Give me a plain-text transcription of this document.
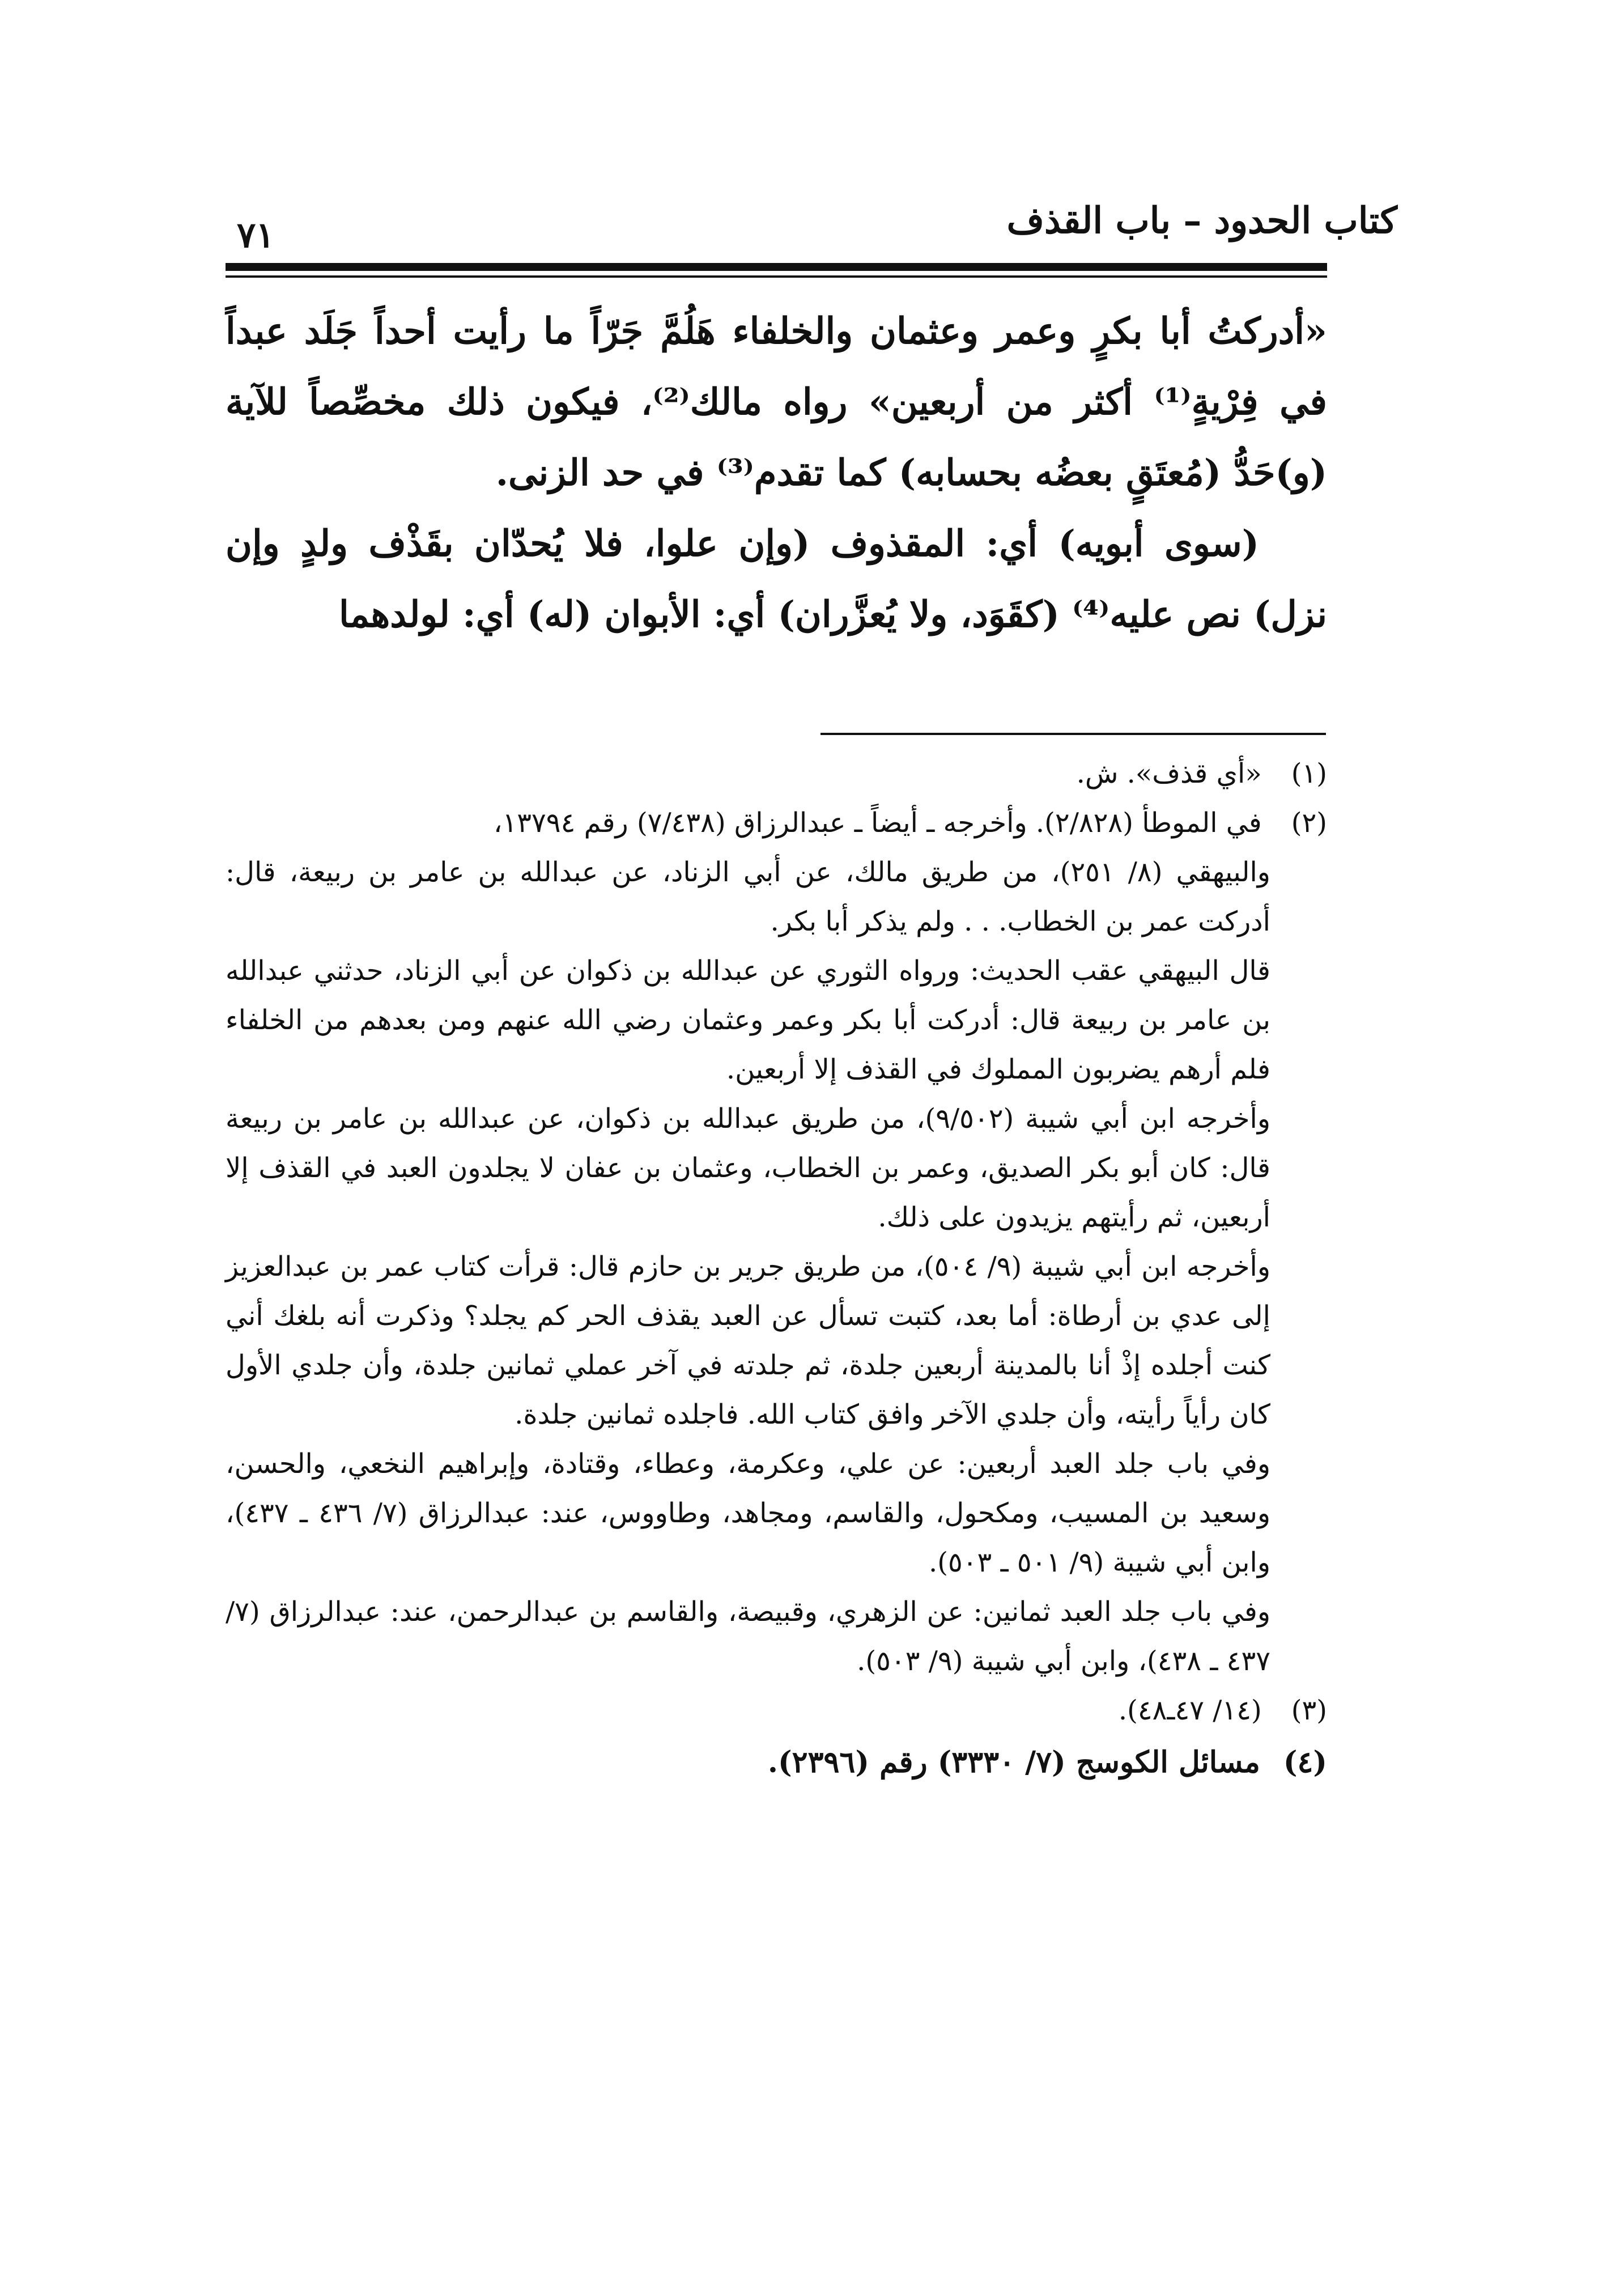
كتاب الحدود – باب القذف
٧١

«أدركتُ أبا بكرٍ وعمر وعثمان والخلفاء هَلُمَّ جَرّاً ما رأيت أحداً جَلَد عبداً في فِرْيةٍ⁽¹⁾ أكثر من أربعين» رواه مالك⁽²⁾، فيكون ذلك مخصِّصاً للآية (و)حَدُّ (مُعتَقٍ بعضُه بحسابه) كما تقدم⁽³⁾ في حد الزنى.

(سوى أبويه) أي: المقذوف (وإن علوا، فلا يُحدّان بقَذْف ولدٍ وإن نزل) نص عليه⁽⁴⁾ (كقَوَد، ولا يُعزَّران) أي: الأبوان (له) أي: لولدهما

(١) «أي قذف». ش.

(٢) في الموطأ (٢/٨٢٨). وأخرجه ـ أيضاً ـ عبدالرزاق (٧/٤٣٨) رقم ١٣٧٩٤،

والبيهقي (٨/ ٢٥١)، من طريق مالك، عن أبي الزناد، عن عبدالله بن عامر بن ربيعة، قال: أدركت عمر بن الخطاب. . . ولم يذكر أبا بكر.

قال البيهقي عقب الحديث: ورواه الثوري عن عبدالله بن ذكوان عن أبي الزناد، حدثني عبدالله بن عامر بن ربيعة قال: أدركت أبا بكر وعمر وعثمان رضي الله عنهم ومن بعدهم من الخلفاء فلم أرهم يضربون المملوك في القذف إلا أربعين.

وأخرجه ابن أبي شيبة (٩/٥٠٢)، من طريق عبدالله بن ذكوان، عن عبدالله بن عامر بن ربيعة قال: كان أبو بكر الصديق، وعمر بن الخطاب، وعثمان بن عفان لا يجلدون العبد في القذف إلا أربعين، ثم رأيتهم يزيدون على ذلك.

وأخرجه ابن أبي شيبة (٩/ ٥٠٤)، من طريق جرير بن حازم قال: قرأت كتاب عمر بن عبدالعزيز إلى عدي بن أرطاة: أما بعد، كتبت تسأل عن العبد يقذف الحر كم يجلد؟ وذكرت أنه بلغك أني كنت أجلده إذْ أنا بالمدينة أربعين جلدة، ثم جلدته في آخر عملي ثمانين جلدة، وأن جلدي الأول كان رأياً رأيته، وأن جلدي الآخر وافق كتاب الله. فاجلده ثمانين جلدة.

وفي باب جلد العبد أربعين: عن علي، وعكرمة، وعطاء، وقتادة، وإبراهيم النخعي، والحسن، وسعيد بن المسيب، ومكحول، والقاسم، ومجاهد، وطاووس، عند: عبدالرزاق (٧/ ٤٣٦ ـ ٤٣٧)، وابن أبي شيبة (٩/ ٥٠١ ـ ٥٠٣).

وفي باب جلد العبد ثمانين: عن الزهري، وقبيصة، والقاسم بن عبدالرحمن، عند: عبدالرزاق (٧/ ٤٣٧ ـ ٤٣٨)، وابن أبي شيبة (٩/ ٥٠٣).

(٣) (١٤/ ٤٧ـ٤٨).

(٤) مسائل الكوسج (٧/ ٣٣٣٠) رقم (٢٣٩٦).
